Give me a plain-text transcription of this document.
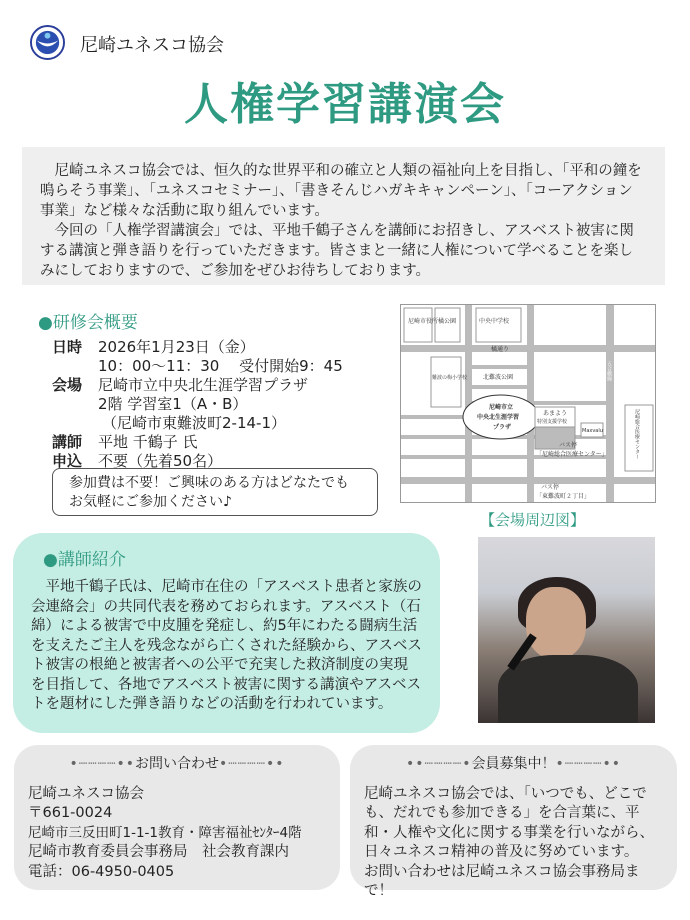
尼崎ユネスコ協会
人権学習講演会

尼崎ユネスコ協会では、恒久的な世界平和の確立と人類の福祉向上を目指し、「平和の鐘を鳴らそう事業」、「ユネスコセミナー」、「書きそんじハガキキャンペーン」、「コーアクション事業」など様々な活動に取り組んでいます。

今回の「人権学習講演会」では、平地千鶴子さんを講師にお招きし、アスベスト被害に関する講演と弾き語りを行っていただきます。皆さまと一緒に人権について学べることを楽しみにしておりますので、ご参加をぜひお待ちしております。

●研修会概要
日時	2026年1月23日（金）
10：00～11：30　 受付開始9：45
会場	尼崎市立中央北生涯学習プラザ
2階 学習室1（A・B）
（尼崎市東難波町2-14-1）
講師	平地 千鶴子 氏
申込	不要（先着50名）
参加費は不要！ご興味のある方はどなたでも
お気軽にご参加ください♪
尼崎市役所 橘公園	中央中学校
橘通り
難波の梅小学校	北難波公園
尼崎市立
中央北生涯学習
プラザ
あまよう
特別支援学校
Maxvalu
バス停
「尼崎総合医療センター」
バス停
「東難波町２丁目」
五合橋線
尼崎総合医療センター
【会場周辺図】
●講師紹介

平地千鶴子氏は、尼崎市在住の「アスベスト患者と家族の会連絡会」の共同代表を務めておられます。アスベスト（石綿）による被害で中皮腫を発症し、約5年にわたる闘病生活を支えたご主人を残念ながら亡くされた経験から、アスベスト被害の根絶と被害者への公平で充実した救済制度の実現を目指して、各地でアスベスト被害に関する講演やアスベストを題材にした弾き語りなどの活動を行われています。

•┈┈┈┈••お問い合わせ•┈┈┈┈••
尼崎ユネスコ協会
〒661-0024
尼崎市三反田町1-1-1教育・障害福祉ｾﾝﾀｰ4階
尼崎市教育委員会事務局　社会教育課内
電話：06-4950-0405
••┈┈┈┈•会員募集中！•┈┈┈┈••
尼崎ユネスコ協会では、「いつでも、どこでも、だれでも参加できる」を合言葉に、平和・人権や文化に関する事業を行いながら、日々ユネスコ精神の普及に努めています。
お問い合わせは尼崎ユネスコ協会事務局まで！
